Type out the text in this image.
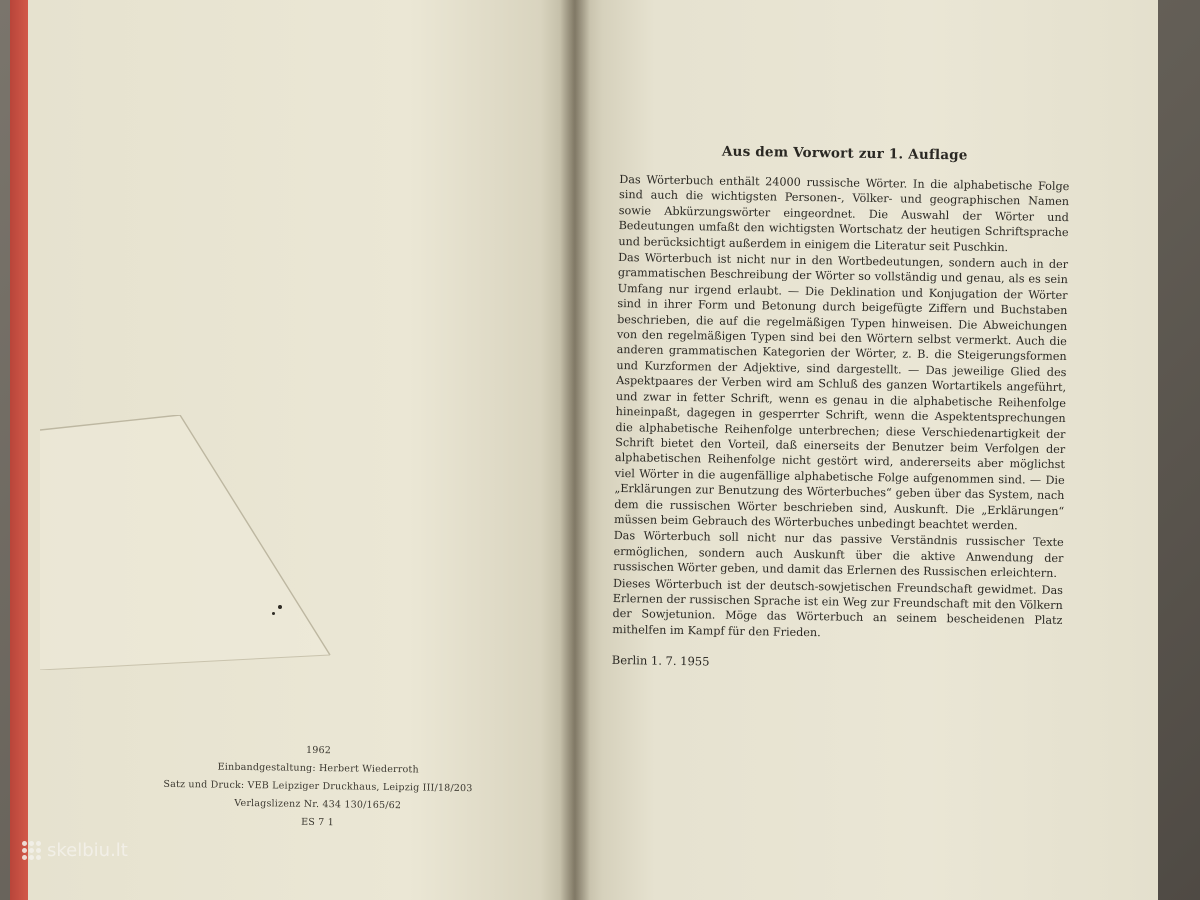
1962
Einbandgestaltung: Herbert Wiederroth
Satz und Druck: VEB Leipziger Druckhaus, Leipzig III/18/203
Verlagslizenz Nr. 434 130/165/62
ES 7 1
Aus dem Vorwort zur 1. Auflage

Das Wörterbuch enthält 24000 russische Wörter. In die alphabetische Folge sind auch die wichtigsten Personen-, Völker- und geographischen Namen sowie Abkürzungswörter eingeordnet. Die Auswahl der Wörter und Bedeutungen umfaßt den wichtigsten Wortschatz der heutigen Schriftsprache und berücksichtigt außerdem in einigem die Literatur seit Puschkin.

Das Wörterbuch ist nicht nur in den Wortbedeutungen, sondern auch in der grammatischen Beschreibung der Wörter so vollständig und genau, als es sein Umfang nur irgend erlaubt. — Die Deklination und Konjugation der Wörter sind in ihrer Form und Betonung durch beigefügte Ziffern und Buchstaben beschrieben, die auf die regelmäßigen Typen hinweisen. Die Abweichungen von den regelmäßigen Typen sind bei den Wörtern selbst vermerkt. Auch die anderen grammatischen Kategorien der Wörter, z. B. die Steigerungsformen und Kurzformen der Adjektive, sind dargestellt. — Das jeweilige Glied des Aspektpaares der Verben wird am Schluß des ganzen Wortartikels angeführt, und zwar in fetter Schrift, wenn es genau in die alphabetische Reihenfolge hineinpaßt, dagegen in gesperrter Schrift, wenn die Aspektentsprechungen die alphabetische Reihenfolge unterbrechen; diese Verschiedenartigkeit der Schrift bietet den Vorteil, daß einerseits der Benutzer beim Verfolgen der alphabetischen Reihenfolge nicht gestört wird, andererseits aber möglichst viel Wörter in die augenfällige alphabetische Folge aufgenommen sind. — Die „Erklärungen zur Benutzung des Wörterbuches“ geben über das System, nach dem die russischen Wörter beschrieben sind, Auskunft. Die „Erklärungen“ müssen beim Gebrauch des Wörterbuches unbedingt beachtet werden.

Das Wörterbuch soll nicht nur das passive Verständnis russischer Texte ermöglichen, sondern auch Auskunft über die aktive Anwendung der russischen Wörter geben, und damit das Erlernen des Russischen erleichtern.

Dieses Wörterbuch ist der deutsch-sowjetischen Freundschaft gewidmet. Das Erlernen der russischen Sprache ist ein Weg zur Freundschaft mit den Völkern der Sowjetunion. Möge das Wörterbuch an seinem bescheidenen Platz mithelfen im Kampf für den Frieden.

Berlin 1. 7. 1955

skelbiu.lt
